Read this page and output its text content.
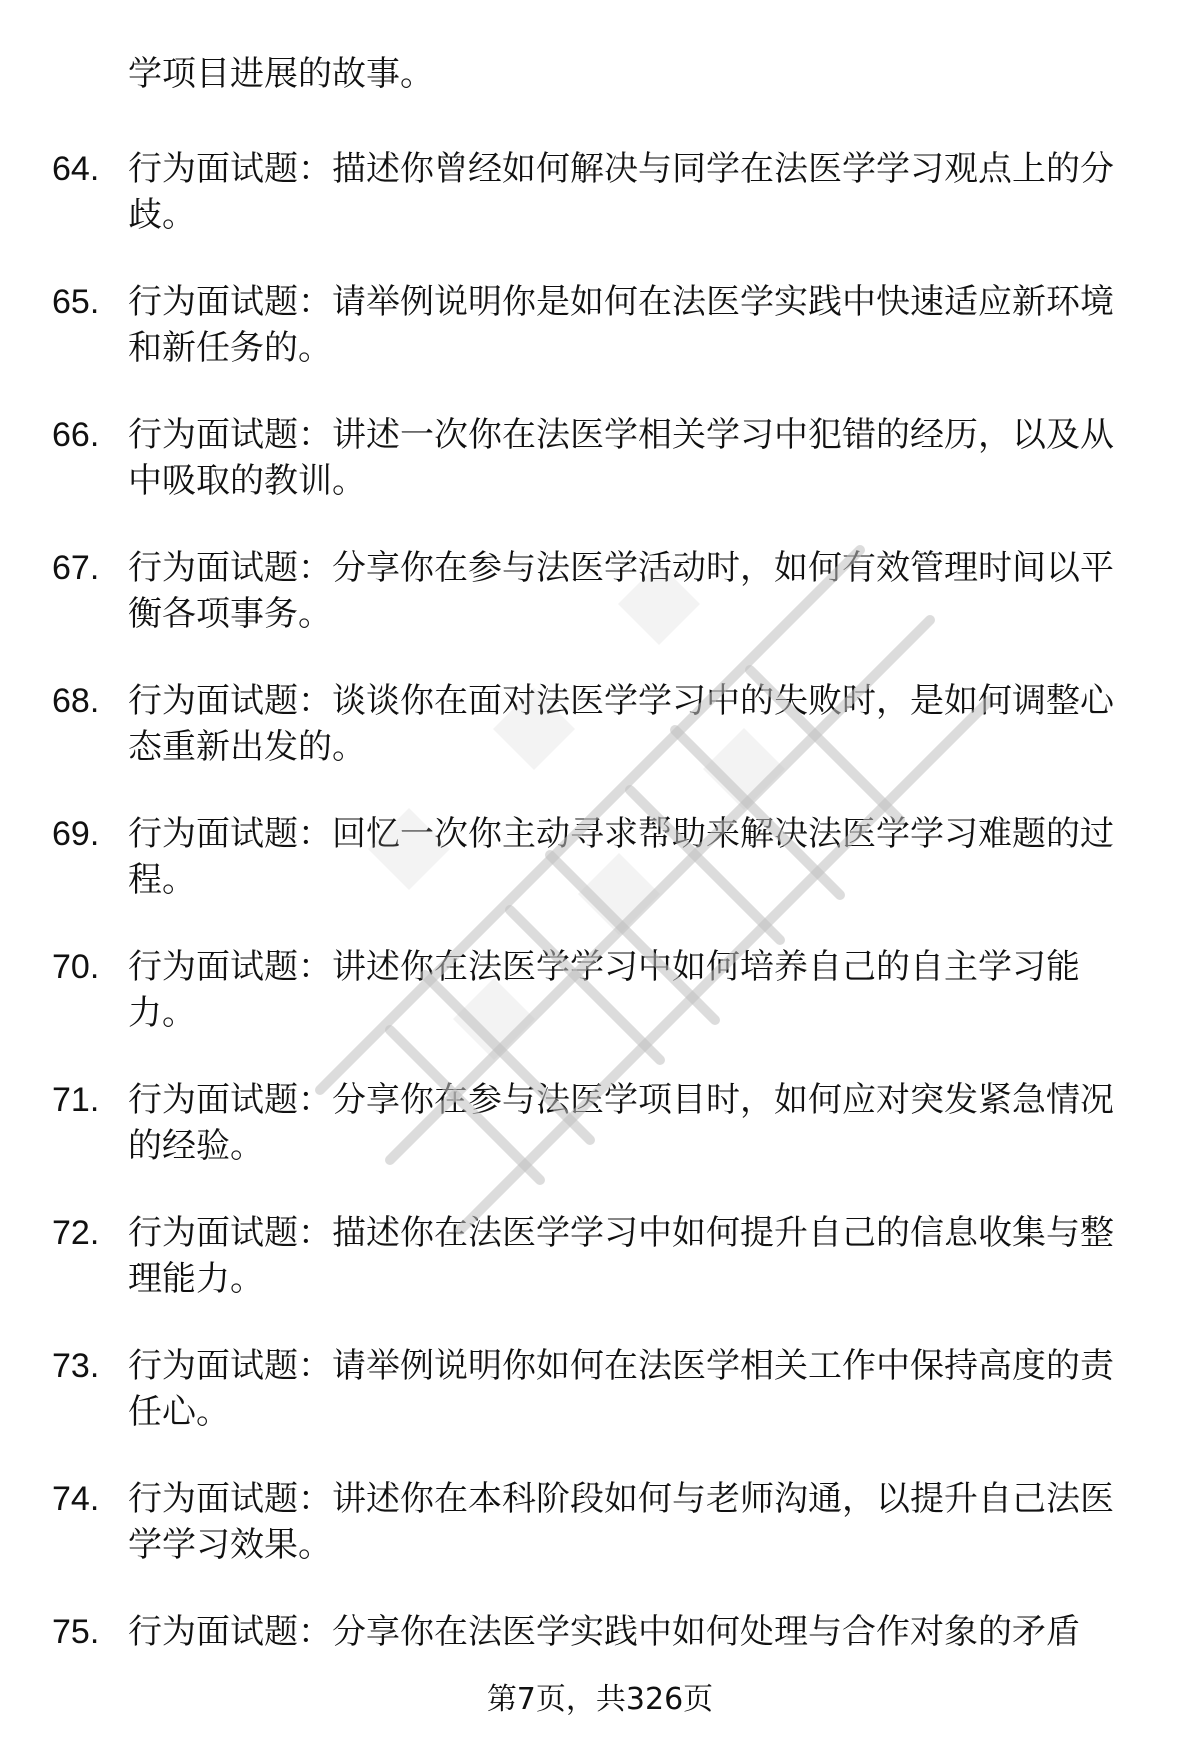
学项目进展的故事。
64. 行为面试题：描述你曾经如何解决与同学在法医学学习观点上的分歧。
65. 行为面试题：请举例说明你是如何在法医学实践中快速适应新环境和新任务的。
66. 行为面试题：讲述一次你在法医学相关学习中犯错的经历，以及从中吸取的教训。
67. 行为面试题：分享你在参与法医学活动时，如何有效管理时间以平衡各项事务。
68. 行为面试题：谈谈你在面对法医学学习中的失败时，是如何调整心态重新出发的。
69. 行为面试题：回忆一次你主动寻求帮助来解决法医学学习难题的过程。
70. 行为面试题：讲述你在法医学学习中如何培养自己的自主学习能力。
71. 行为面试题：分享你在参与法医学项目时，如何应对突发紧急情况的经验。
72. 行为面试题：描述你在法医学学习中如何提升自己的信息收集与整理能力。
73. 行为面试题：请举例说明你如何在法医学相关工作中保持高度的责任心。
74. 行为面试题：讲述你在本科阶段如何与老师沟通，以提升自己法医学学习效果。
75. 行为面试题：分享你在法医学实践中如何处理与合作对象的矛盾
第7页，共326页
